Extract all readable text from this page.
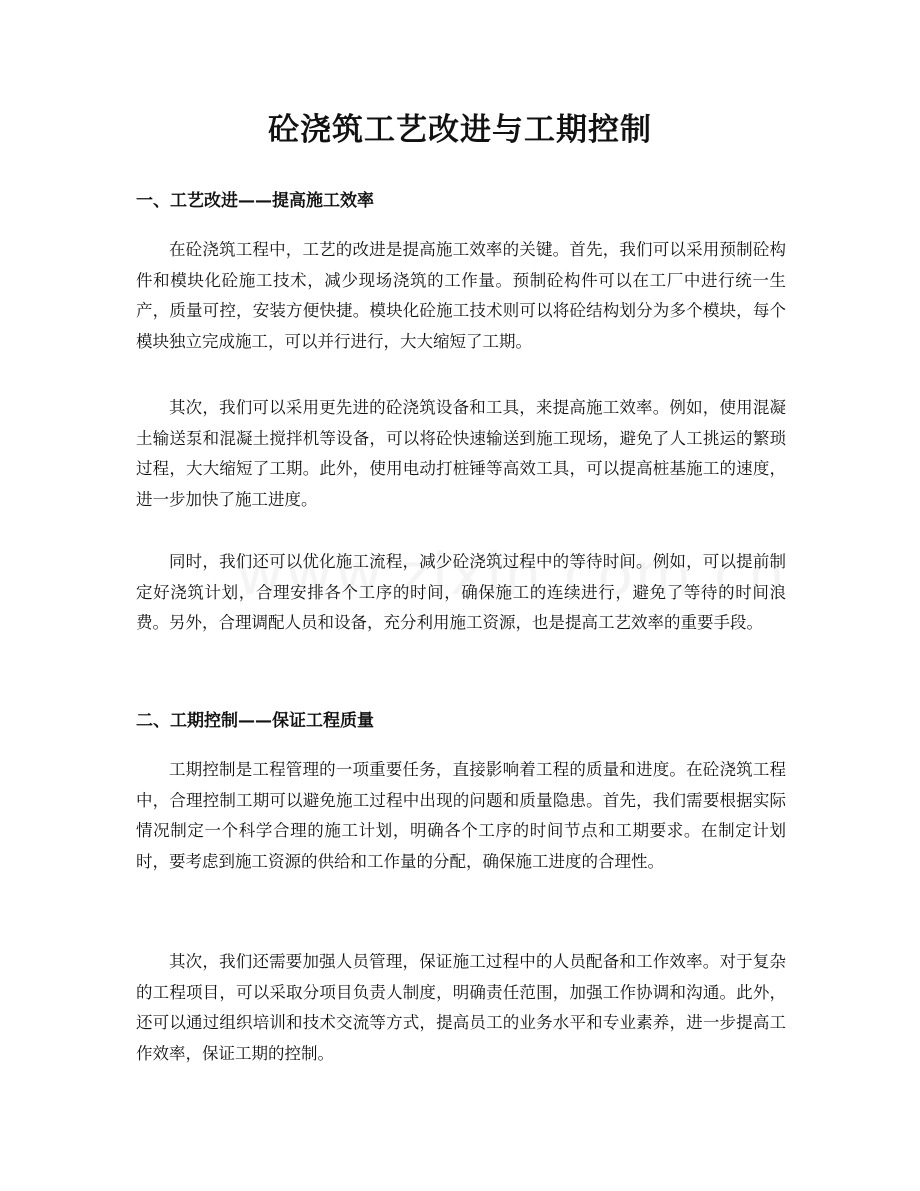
砼浇筑工艺改进与工期控制
一、工艺改进——提高施工效率

在砼浇筑工程中，工艺的改进是提高施工效率的关键。首先，我们可以采用预制砼构件和模块化砼施工技术，减少现场浇筑的工作量。预制砼构件可以在工厂中进行统一生产，质量可控，安装方便快捷。模块化砼施工技术则可以将砼结构划分为多个模块，每个模块独立完成施工，可以并行进行，大大缩短了工期。

其次，我们可以采用更先进的砼浇筑设备和工具，来提高施工效率。例如，使用混凝土输送泵和混凝土搅拌机等设备，可以将砼快速输送到施工现场，避免了人工挑运的繁琐过程，大大缩短了工期。此外，使用电动打桩锤等高效工具，可以提高桩基施工的速度，进一步加快了施工进度。

同时，我们还可以优化施工流程，减少砼浇筑过程中的等待时间。例如，可以提前制定好浇筑计划，合理安排各个工序的时间，确保施工的连续进行，避免了等待的时间浪费。另外，合理调配人员和设备，充分利用施工资源，也是提高工艺效率的重要手段。

二、工期控制——保证工程质量

工期控制是工程管理的一项重要任务，直接影响着工程的质量和进度。在砼浇筑工程中，合理控制工期可以避免施工过程中出现的问题和质量隐患。首先，我们需要根据实际情况制定一个科学合理的施工计划，明确各个工序的时间节点和工期要求。在制定计划时，要考虑到施工资源的供给和工作量的分配，确保施工进度的合理性。

其次，我们还需要加强人员管理，保证施工过程中的人员配备和工作效率。对于复杂的工程项目，可以采取分项目负责人制度，明确责任范围，加强工作协调和沟通。此外，还可以通过组织培训和技术交流等方式，提高员工的业务水平和专业素养，进一步提高工作效率，保证工期的控制。
